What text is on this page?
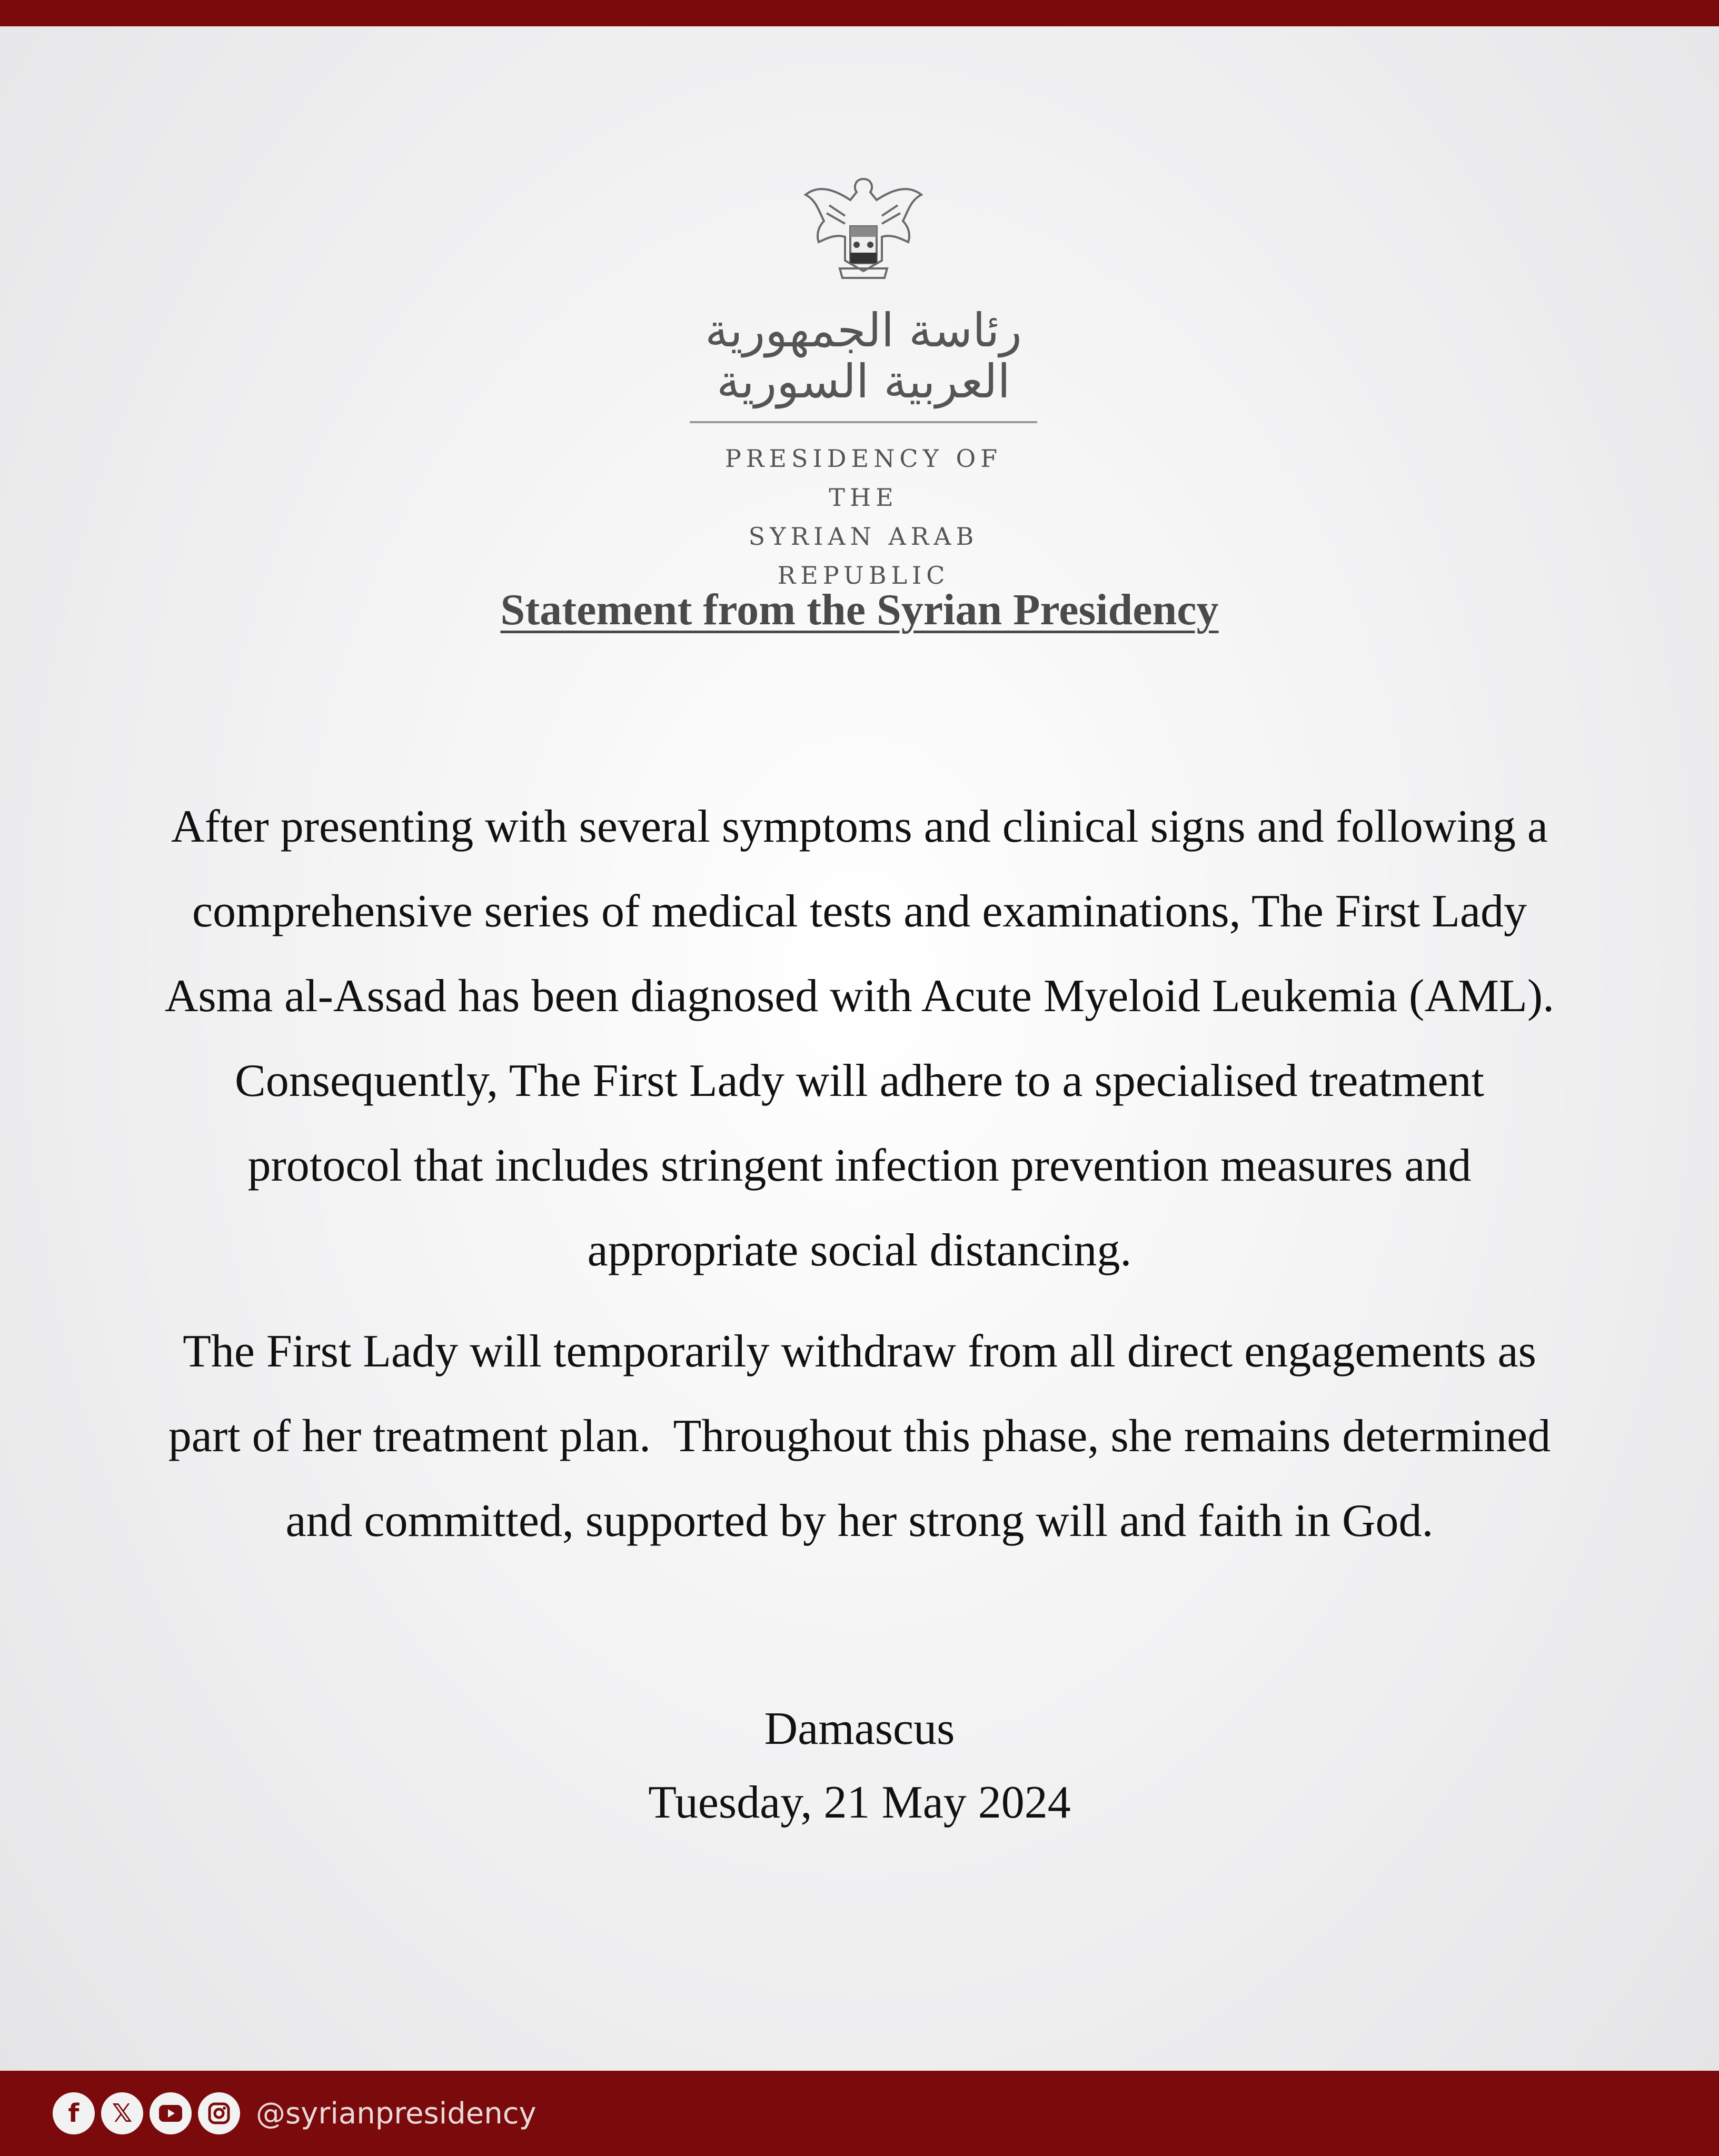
رئاسة الجمهورية العربية السورية
PRESIDENCY OF THE
SYRIAN ARAB REPUBLIC
Statement from the Syrian Presidency
After presenting with several symptoms and clinical signs and following a
comprehensive series of medical tests and examinations, The First Lady
Asma al-Assad has been diagnosed with Acute Myeloid Leukemia (AML).
Consequently, The First Lady will adhere to a specialised treatment
protocol that includes stringent infection prevention measures and
appropriate social distancing.
The First Lady will temporarily withdraw from all direct engagements as
part of her treatment plan.  Throughout this phase, she remains determined
and committed, supported by her strong will and faith in God.
Damascus
Tuesday, 21 May 2024
f	𝕏	@syrianpresidency
